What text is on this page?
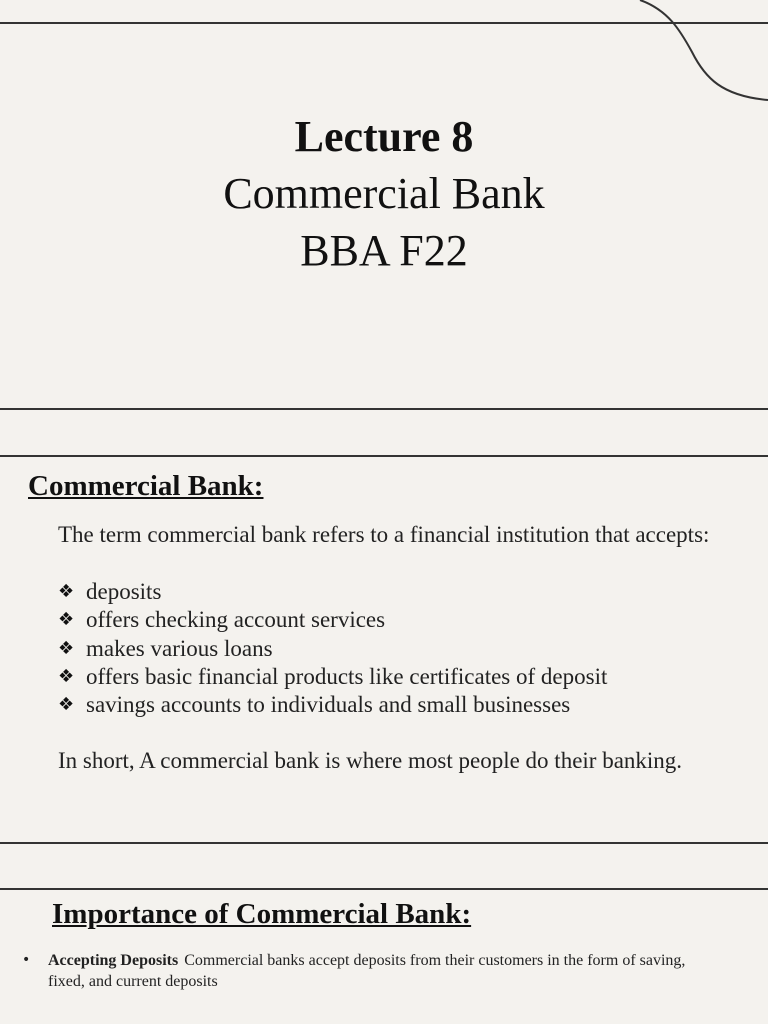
Lecture 8
Commercial Bank
BBA F22
Commercial Bank:
The term commercial bank refers to a financial institution that accepts:
❖ deposits
❖ offers checking account services
❖ makes various loans
❖ offers basic financial products like certificates of deposit
❖ savings accounts to individuals and small businesses
In short, A commercial bank is where most people do their banking.
Importance of Commercial Bank:
• Accepting Deposits Commercial banks accept deposits from their customers in the form of saving, fixed, and current deposits
